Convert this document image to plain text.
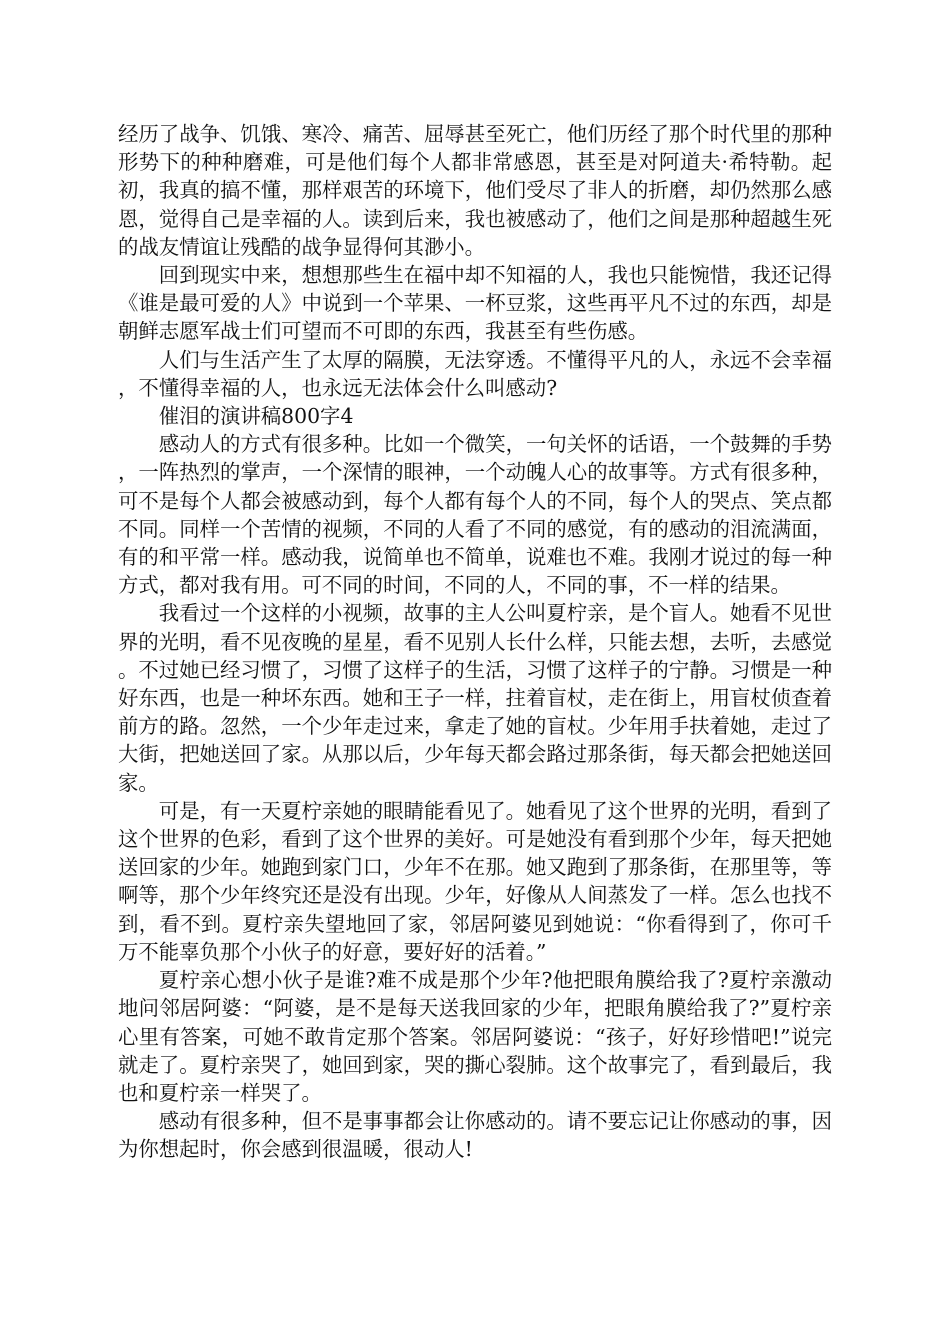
经历了战争、饥饿、寒冷、痛苦、屈辱甚至死亡，他们历经了那个时代里的那种形势下的种种磨难，可是他们每个人都非常感恩，甚至是对阿道夫·希特勒。起初，我真的搞不懂，那样艰苦的环境下，他们受尽了非人的折磨，却仍然那么感恩，觉得自己是幸福的人。读到后来，我也被感动了，他们之间是那种超越生死的战友情谊让残酷的战争显得何其渺小。

回到现实中来，想想那些生在福中却不知福的人，我也只能惋惜，我还记得《谁是最可爱的人》中说到一个苹果、一杯豆浆，这些再平凡不过的东西，却是朝鲜志愿军战士们可望而不可即的东西，我甚至有些伤感。

人们与生活产生了太厚的隔膜，无法穿透。不懂得平凡的人，永远不会幸福，不懂得幸福的人，也永远无法体会什么叫感动?

催泪的演讲稿800字4

感动人的方式有很多种。比如一个微笑，一句关怀的话语，一个鼓舞的手势，一阵热烈的掌声，一个深情的眼神，一个动魄人心的故事等。方式有很多种，可不是每个人都会被感动到，每个人都有每个人的不同，每个人的哭点、笑点都不同。同样一个苦情的视频，不同的人看了不同的感觉，有的感动的泪流满面，有的和平常一样。感动我，说简单也不简单，说难也不难。我刚才说过的每一种方式，都对我有用。可不同的时间，不同的人，不同的事，不一样的结果。

我看过一个这样的小视频，故事的主人公叫夏柠亲，是个盲人。她看不见世界的光明，看不见夜晚的星星，看不见别人长什么样，只能去想，去听，去感觉。不过她已经习惯了，习惯了这样子的生活，习惯了这样子的宁静。习惯是一种好东西，也是一种坏东西。她和王子一样，拄着盲杖，走在街上，用盲杖侦查着前方的路。忽然，一个少年走过来，拿走了她的盲杖。少年用手扶着她，走过了大街，把她送回了家。从那以后，少年每天都会路过那条街，每天都会把她送回家。

可是，有一天夏柠亲她的眼睛能看见了。她看见了这个世界的光明，看到了这个世界的色彩，看到了这个世界的美好。可是她没有看到那个少年，每天把她送回家的少年。她跑到家门口，少年不在那。她又跑到了那条街，在那里等，等啊等，那个少年终究还是没有出现。少年，好像从人间蒸发了一样。怎么也找不到，看不到。夏柠亲失望地回了家，邻居阿婆见到她说：“你看得到了，你可千万不能辜负那个小伙子的好意，要好好的活着。”

夏柠亲心想小伙子是谁?难不成是那个少年?他把眼角膜给我了?夏柠亲激动地问邻居阿婆：“阿婆，是不是每天送我回家的少年，把眼角膜给我了?”夏柠亲心里有答案，可她不敢肯定那个答案。邻居阿婆说：“孩子，好好珍惜吧!”说完就走了。夏柠亲哭了，她回到家，哭的撕心裂肺。这个故事完了，看到最后，我也和夏柠亲一样哭了。

感动有很多种，但不是事事都会让你感动的。请不要忘记让你感动的事，因为你想起时，你会感到很温暖，很动人!
